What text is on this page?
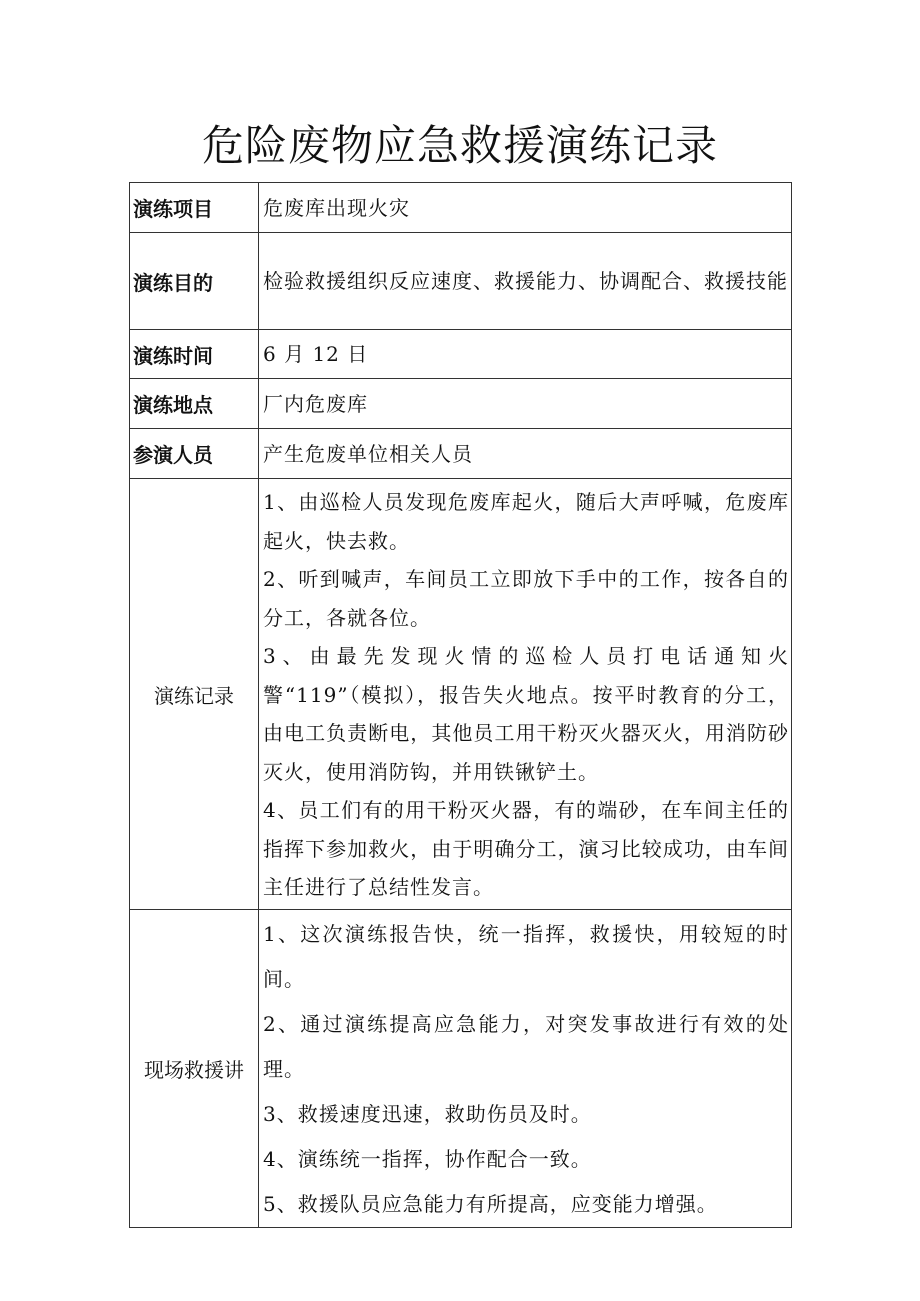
危险废物应急救援演练记录
演练项目	危废库出现火灾
演练目的	检验救援组织反应速度、救援能力、协调配合、救援技能
演练时间	6 月 12 日
演练地点	厂内危废库
参演人员	产生危废单位相关人员
演练记录	1、由巡检人员发现危废库起火，随后大声呼喊，危废库起火，快去救。
2、听到喊声，车间员工立即放下手中的工作，按各自的分工，各就各位。
3、由最先发现火情的巡检人员打电话通知火警“119”（模拟），报告失火地点。按平时教育的分工，由电工负责断电，其他员工用干粉灭火器灭火，用消防砂灭火，使用消防钩，并用铁锹铲土。
4、员工们有的用干粉灭火器，有的端砂，在车间主任的指挥下参加救火，由于明确分工，演习比较成功，由车间主任进行了总结性发言。

现场救援讲	1、这次演练报告快，统一指挥，救援快，用较短的时间。
2、通过演练提高应急能力，对突发事故进行有效的处理。
3、救援速度迅速，救助伤员及时。
4、演练统一指挥，协作配合一致。
5、救援队员应急能力有所提高，应变能力增强。
